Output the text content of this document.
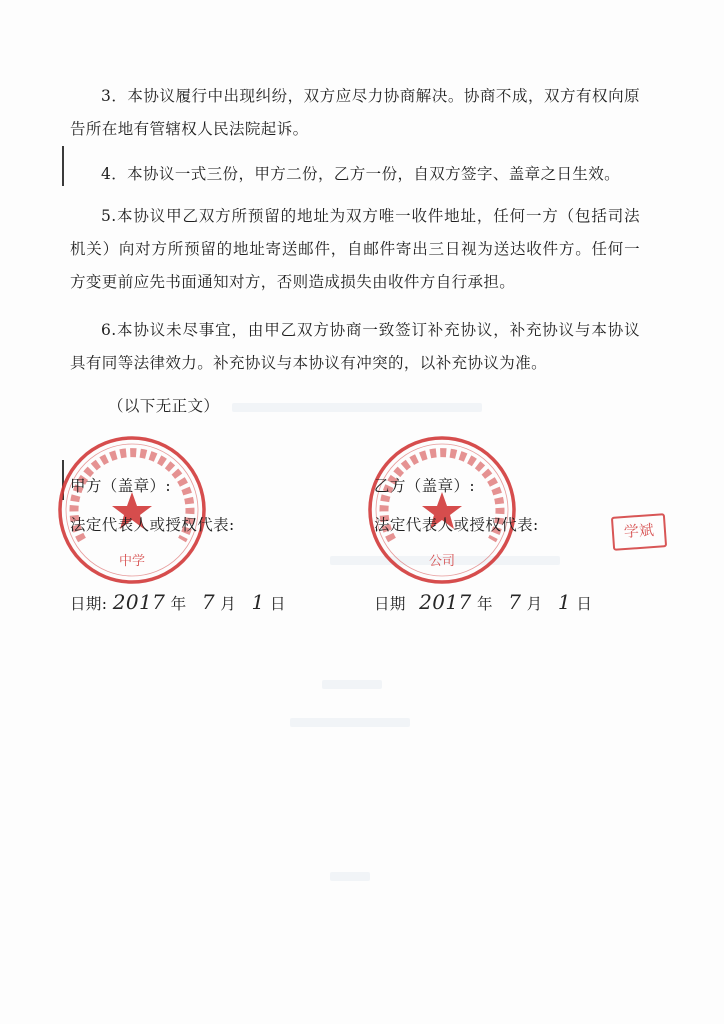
3．本协议履行中出现纠纷，双方应尽力协商解决。协商不成，双方有权向原告所在地有管辖权人民法院起诉。

4．本协议一式三份，甲方二份，乙方一份，自双方签字、盖章之日生效。

5.本协议甲乙双方所预留的地址为双方唯一收件地址，任何一方（包括司法机关）向对方所预留的地址寄送邮件，自邮件寄出三日视为送达收件方。任何一方变更前应先书面通知对方，否则造成损失由收件方自行承担。

6.本协议未尽事宜，由甲乙双方协商一致签订补充协议，补充协议与本协议具有同等法律效力。补充协议与本协议有冲突的，以补充协议为准。

（以下无正文）
中学	公司
学斌
甲方（盖章）:
法定代表人或授权代表:
日期: 2017 年 7 月 1 日
乙方（盖章）:
法定代表人或授权代表:
日期 2017 年 7 月 1 日
